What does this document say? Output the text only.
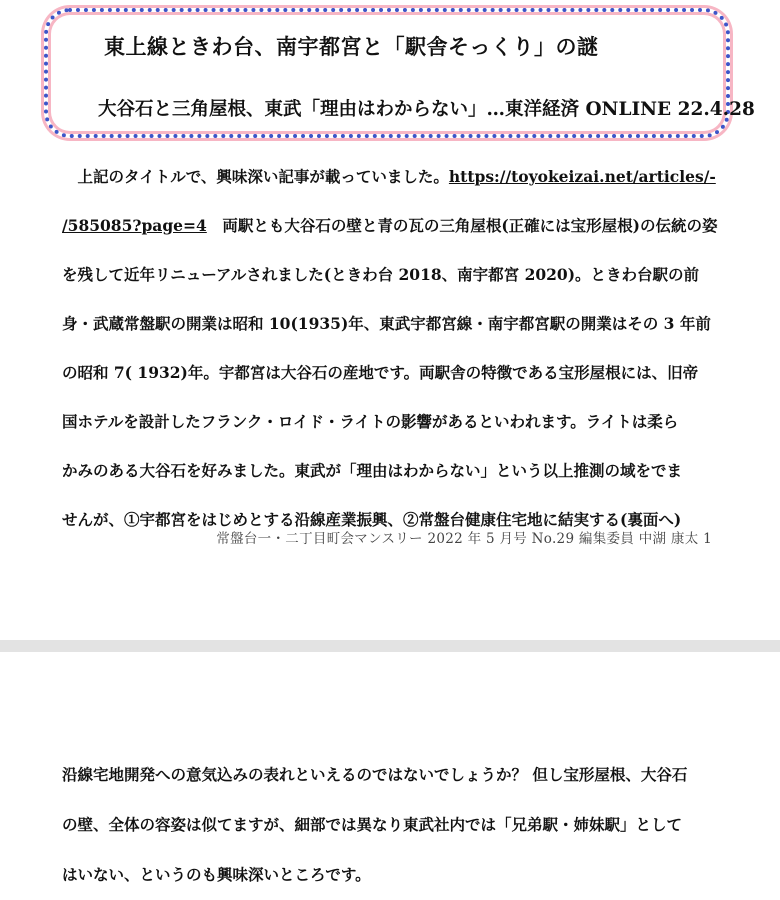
東上線ときわ台、南宇都宮と「駅舎そっくり」の謎
大谷石と三角屋根、東武「理由はわからない」…東洋経済 ONLINE 22.4.28
　上記のタイトルで、興味深い記事が載っていました。https://toyokeizai.net/articles/-
/585085?page=4　 両駅とも大谷石の壁と青の瓦の三角屋根(正確には宝形屋根)の伝統の姿
を残して近年リニューアルされました(ときわ台 2018、南宇都宮 2020)。ときわ台駅の前
身・武蔵常盤駅の開業は昭和 10(1935)年、東武宇都宮線・南宇都宮駅の開業はその 3 年前
の昭和 7( 1932)年。宇都宮は大谷石の産地です。両駅舎の特徴である宝形屋根には、旧帝
国ホテルを設計したフランク・ロイド・ライトの影響があるといわれます。ライトは柔ら
かみのある大谷石を好みました。東武が「理由はわからない」という以上推測の域をでま
せんが、①宇都宮をはじめとする沿線産業振興、②常盤台健康住宅地に結実する(裏面へ)
常盤台一・二丁目町会マンスリー 2022 年 5 月号 No.29 編集委員 中湖 康太 1
沿線宅地開発への意気込みの表れといえるのではないでしょうか？ 但し宝形屋根、大谷石
の壁、全体の容姿は似てますが、細部では異なり東武社内では「兄弟駅・姉妹駅」として
はいない、というのも興味深いところです。
